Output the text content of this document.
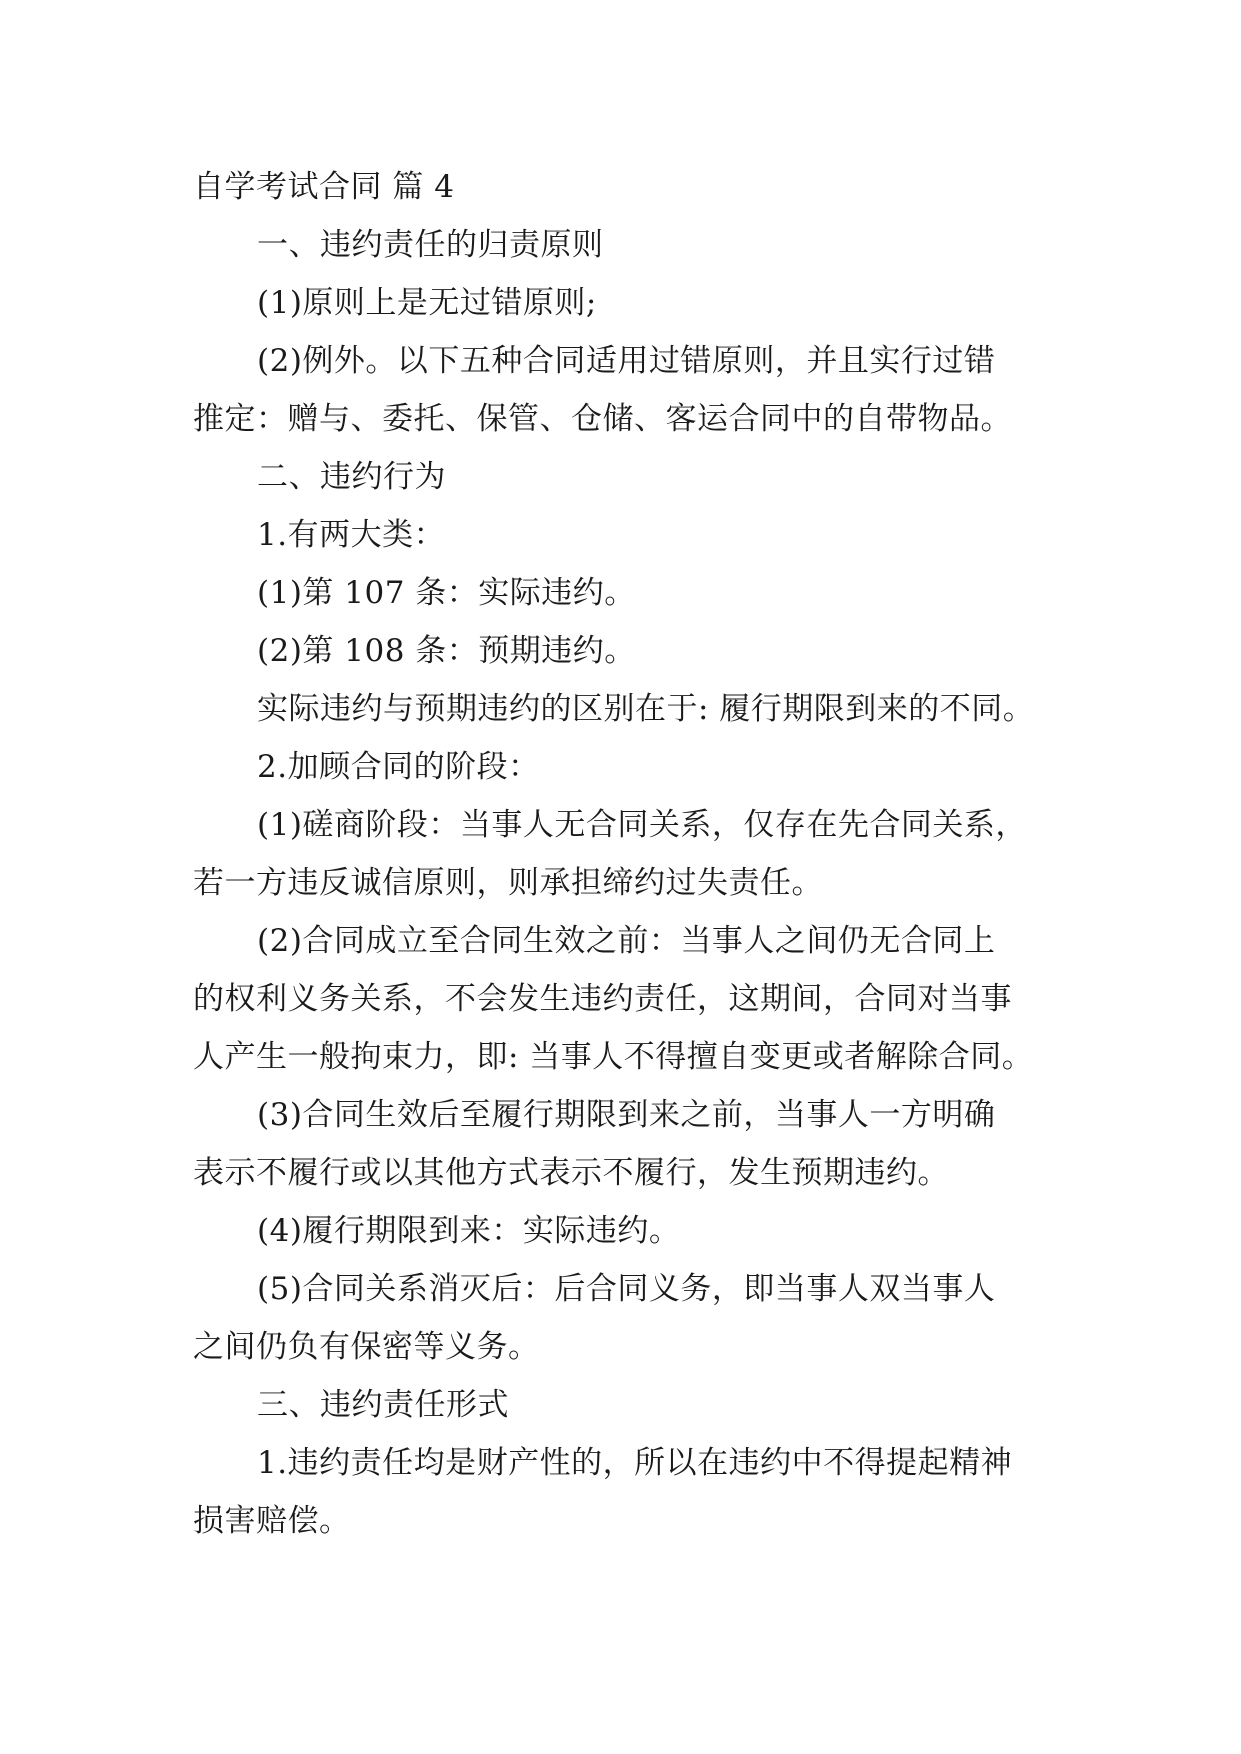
自学考试合同 篇 4
一、违约责任的归责原则
(1)原则上是无过错原则;
(2)例外。以下五种合同适用过错原则，并且实行过错
推定：赠与、委托、保管、仓储、客运合同中的自带物品。
二、违约行为
1.有两大类：
(1)第 107 条：实际违约。
(2)第 108 条：预期违约。
实际违约与预期违约的区别在于: 履行期限到来的不同。
2.加顾合同的阶段：
(1)磋商阶段：当事人无合同关系，仅存在先合同关系，
若一方违反诚信原则，则承担缔约过失责任。
(2)合同成立至合同生效之前：当事人之间仍无合同上
的权利义务关系，不会发生违约责任，这期间，合同对当事
人产生一般拘束力，即: 当事人不得擅自变更或者解除合同。
(3)合同生效后至履行期限到来之前，当事人一方明确
表示不履行或以其他方式表示不履行，发生预期违约。
(4)履行期限到来：实际违约。
(5)合同关系消灭后：后合同义务，即当事人双当事人
之间仍负有保密等义务。
三、违约责任形式
1.违约责任均是财产性的，所以在违约中不得提起精神
损害赔偿。
